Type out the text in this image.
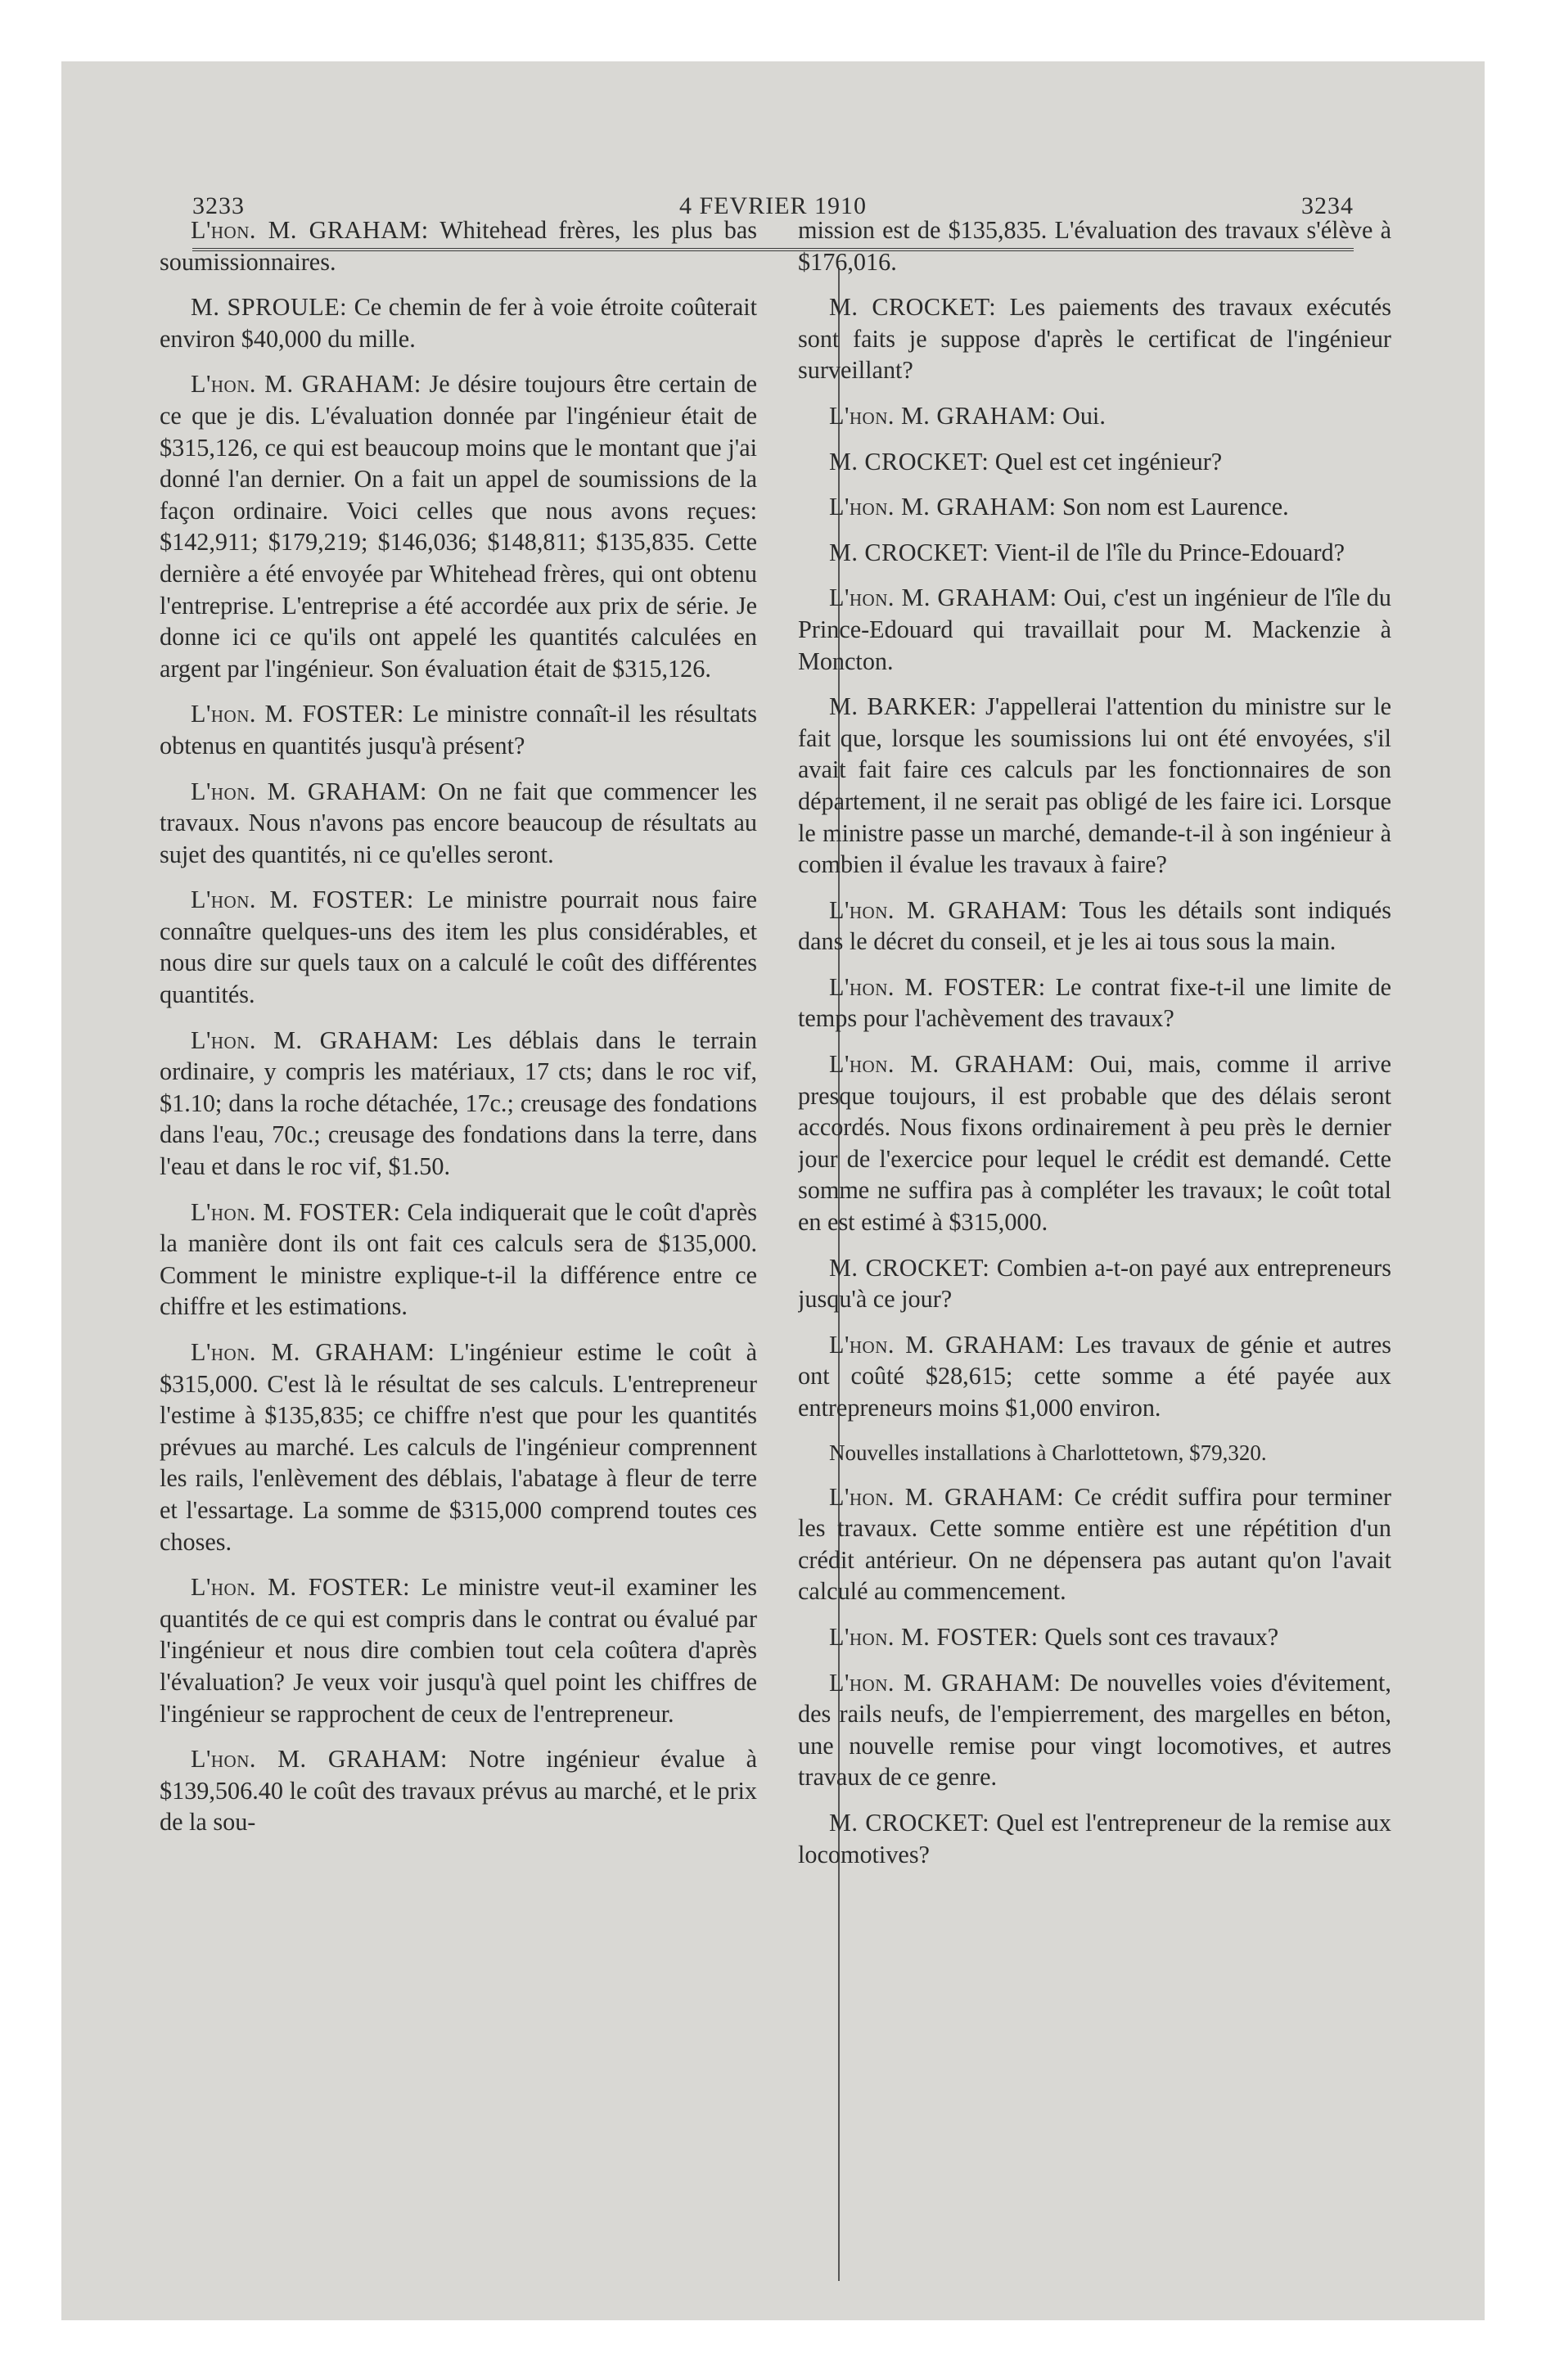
3233	4 FEVRIER 1910	3234

L'hon. M. GRAHAM: Whitehead frères, les plus bas soumissionnaires.

M. SPROULE: Ce chemin de fer à voie étroite coûterait environ $40,000 du mille.

L'hon. M. GRAHAM: Je désire toujours être certain de ce que je dis. L'évaluation donnée par l'ingénieur était de $315,126, ce qui est beaucoup moins que le montant que j'ai donné l'an dernier. On a fait un appel de soumissions de la façon ordinaire. Voici celles que nous avons reçues: $142,911; $179,219; $146,036; $148,811; $135,835. Cette dernière a été envoyée par Whitehead frères, qui ont obtenu l'entreprise. L'entreprise a été accordée aux prix de série. Je donne ici ce qu'ils ont appelé les quantités calculées en argent par l'ingénieur. Son évaluation était de $315,126.

L'hon. M. FOSTER: Le ministre connaît-il les résultats obtenus en quantités jusqu'à présent?

L'hon. M. GRAHAM: On ne fait que commencer les travaux. Nous n'avons pas encore beaucoup de résultats au sujet des quantités, ni ce qu'elles seront.

L'hon. M. FOSTER: Le ministre pourrait nous faire connaître quelques-uns des item les plus considérables, et nous dire sur quels taux on a calculé le coût des différentes quantités.

L'hon. M. GRAHAM: Les déblais dans le terrain ordinaire, y compris les matériaux, 17 cts; dans le roc vif, $1.10; dans la roche détachée, 17c.; creusage des fondations dans l'eau, 70c.; creusage des fondations dans la terre, dans l'eau et dans le roc vif, $1.50.

L'hon. M. FOSTER: Cela indiquerait que le coût d'après la manière dont ils ont fait ces calculs sera de $135,000. Comment le ministre explique-t-il la différence entre ce chiffre et les estimations.

L'hon. M. GRAHAM: L'ingénieur estime le coût à $315,000. C'est là le résultat de ses calculs. L'entrepreneur l'estime à $135,835; ce chiffre n'est que pour les quantités prévues au marché. Les calculs de l'ingénieur comprennent les rails, l'enlèvement des déblais, l'abatage à fleur de terre et l'essartage. La somme de $315,000 comprend toutes ces choses.

L'hon. M. FOSTER: Le ministre veut-il examiner les quantités de ce qui est compris dans le contrat ou évalué par l'ingénieur et nous dire combien tout cela coûtera d'après l'évaluation? Je veux voir jusqu'à quel point les chiffres de l'ingénieur se rapprochent de ceux de l'entrepreneur.

L'hon. M. GRAHAM: Notre ingénieur évalue à $139,506.40 le coût des travaux prévus au marché, et le prix de la sou-

mission est de $135,835. L'évaluation des travaux s'élève à $176,016.

M. CROCKET: Les paiements des travaux exécutés sont faits je suppose d'après le certificat de l'ingénieur surveillant?

L'hon. M. GRAHAM: Oui.

M. CROCKET: Quel est cet ingénieur?

L'hon. M. GRAHAM: Son nom est Laurence.

M. CROCKET: Vient-il de l'île du Prince-Edouard?

L'hon. M. GRAHAM: Oui, c'est un ingénieur de l'île du Prince-Edouard qui travaillait pour M. Mackenzie à Moncton.

M. BARKER: J'appellerai l'attention du ministre sur le fait que, lorsque les soumissions lui ont été envoyées, s'il avait fait faire ces calculs par les fonctionnaires de son département, il ne serait pas obligé de les faire ici. Lorsque le ministre passe un marché, demande-t-il à son ingénieur à combien il évalue les travaux à faire?

L'hon. M. GRAHAM: Tous les détails sont indiqués dans le décret du conseil, et je les ai tous sous la main.

L'hon. M. FOSTER: Le contrat fixe-t-il une limite de temps pour l'achèvement des travaux?

L'hon. M. GRAHAM: Oui, mais, comme il arrive presque toujours, il est probable que des délais seront accordés. Nous fixons ordinairement à peu près le dernier jour de l'exercice pour lequel le crédit est demandé. Cette somme ne suffira pas à compléter les travaux; le coût total en est estimé à $315,000.

M. CROCKET: Combien a-t-on payé aux entrepreneurs jusqu'à ce jour?

L'hon. M. GRAHAM: Les travaux de génie et autres ont coûté $28,615; cette somme a été payée aux entrepreneurs moins $1,000 environ.

Nouvelles installations à Charlottetown, $79,320.

L'hon. M. GRAHAM: Ce crédit suffira pour terminer les travaux. Cette somme entière est une répétition d'un crédit antérieur. On ne dépensera pas autant qu'on l'avait calculé au commencement.

L'hon. M. FOSTER: Quels sont ces travaux?

L'hon. M. GRAHAM: De nouvelles voies d'évitement, des rails neufs, de l'empierrement, des margelles en béton, une nouvelle remise pour vingt locomotives, et autres travaux de ce genre.

M. CROCKET: Quel est l'entrepreneur de la remise aux locomotives?
